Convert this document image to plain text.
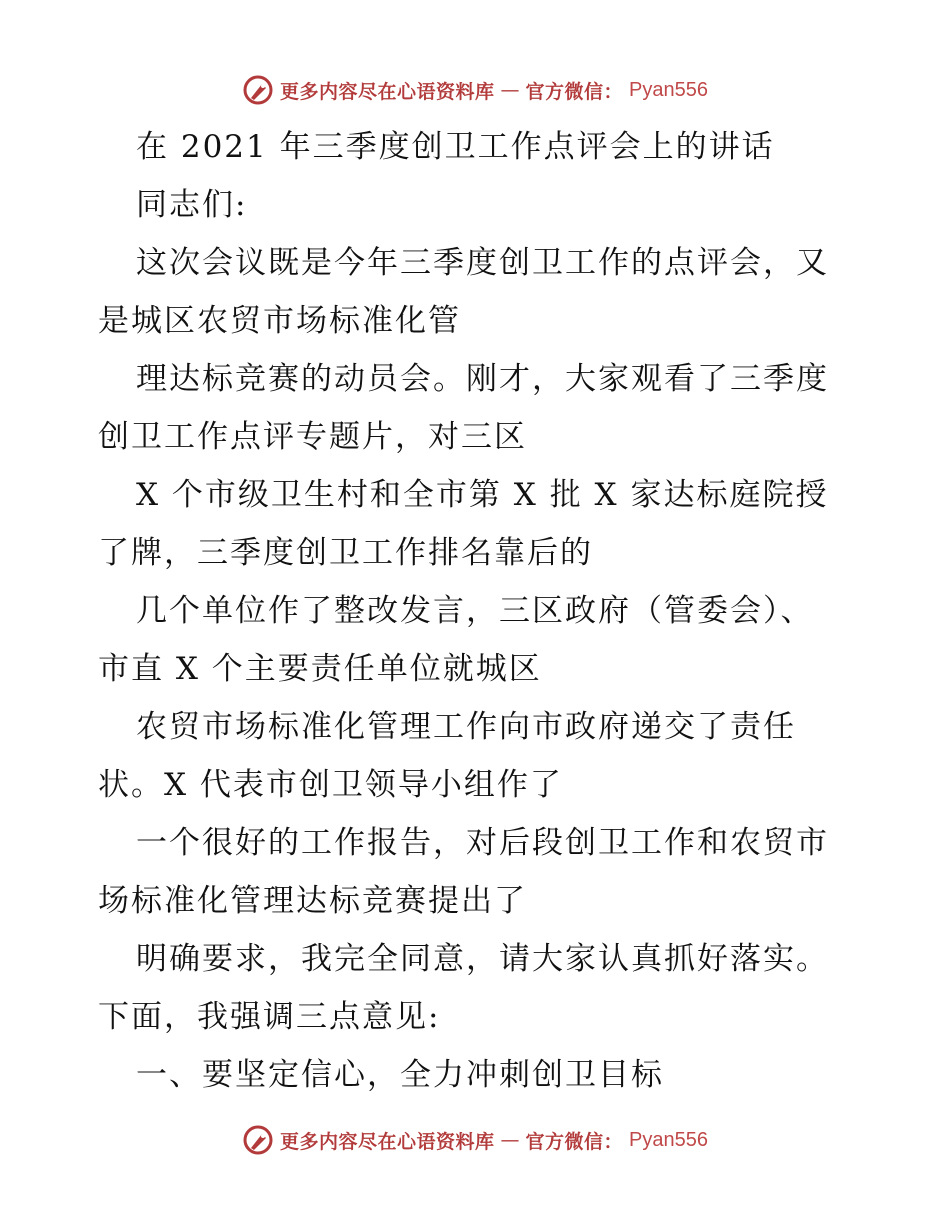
更多内容尽在心语资料库 — 官方微信： Pyan556

在 2021 年三季度创卫工作点评会上的讲话

同志们:

这次会议既是今年三季度创卫工作的点评会，又

是城区农贸市场标准化管

理达标竞赛的动员会。刚才，大家观看了三季度

创卫工作点评专题片，对三区

X 个市级卫生村和全市第 X 批 X 家达标庭院授

了牌，三季度创卫工作排名靠后的

几个单位作了整改发言，三区政府（管委会）、

市直 X 个主要责任单位就城区

农贸市场标准化管理工作向市政府递交了责任

状。X 代表市创卫领导小组作了

一个很好的工作报告，对后段创卫工作和农贸市

场标准化管理达标竞赛提出了

明确要求，我完全同意，请大家认真抓好落实。

下面，我强调三点意见:

一、要坚定信心，全力冲刺创卫目标

更多内容尽在心语资料库 — 官方微信： Pyan556
